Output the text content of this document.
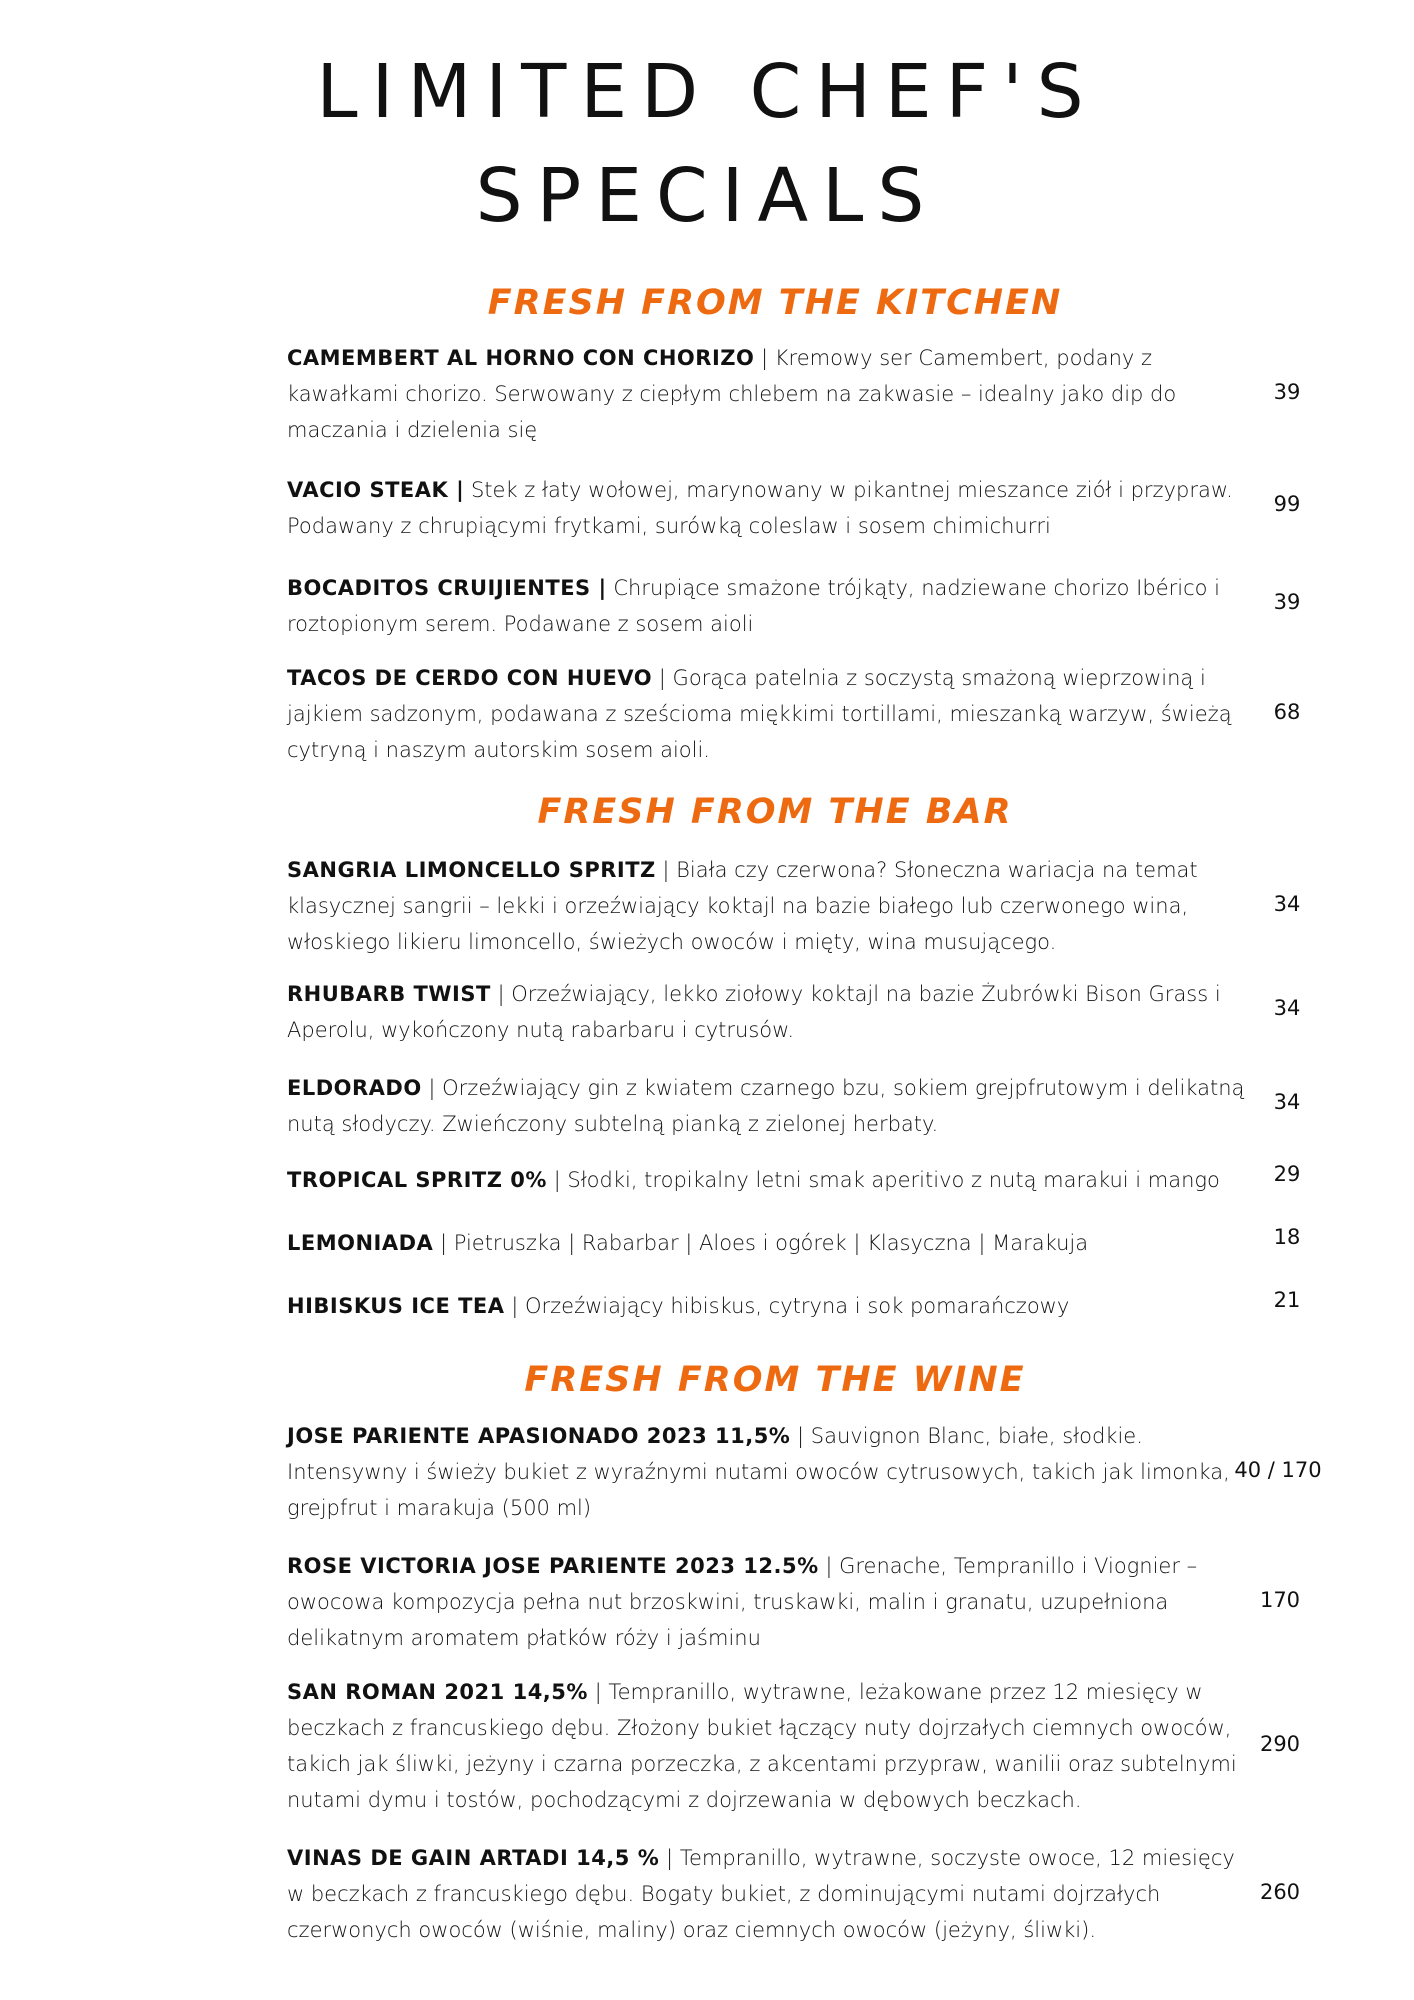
LIMITED CHEF'S
SPECIALS
FRESH FROM THE KITCHEN
FRESH FROM THE BAR
FRESH FROM THE WINE
CAMEMBERT AL HORNO CON CHORIZO | Kremowy ser Camembert, podany z kawałkami chorizo. Serwowany z ciepłym chlebem na zakwasie – idealny jako dip do maczania i dzielenia się
39
VACIO STEAK | Stek z łaty wołowej, marynowany w pikantnej mieszance ziół i przypraw. Podawany z chrupiącymi frytkami, surówką coleslaw i sosem chimichurri
99
BOCADITOS CRUIJIENTES | Chrupiące smażone trójkąty, nadziewane chorizo Ibérico i roztopionym serem. Podawane z sosem aioli
39
TACOS DE CERDO CON HUEVO | Gorąca patelnia z soczystą smażoną wieprzowiną i jajkiem sadzonym, podawana z sześcioma miękkimi tortillami, mieszanką warzyw, świeżą cytryną i naszym autorskim sosem aioli.
68
SANGRIA LIMONCELLO SPRITZ | Biała czy czerwona? Słoneczna wariacja na temat klasycznej sangrii – lekki i orzeźwiający koktajl na bazie białego lub czerwonego wina, włoskiego likieru limoncello, świeżych owoców i mięty, wina musującego.
34
RHUBARB TWIST | Orzeźwiający, lekko ziołowy koktajl na bazie Żubrówki Bison Grass i Aperolu, wykończony nutą rabarbaru i cytrusów.
34
ELDORADO | Orzeźwiający gin z kwiatem czarnego bzu, sokiem grejpfrutowym i delikatną nutą słodyczy. Zwieńczony subtelną pianką z zielonej herbaty.
34
TROPICAL SPRITZ 0% | Słodki, tropikalny letni smak aperitivo z nutą marakui i mango	29
LEMONIADA | Pietruszka | Rabarbar | Aloes i ogórek | Klasyczna | Marakuja	18
HIBISKUS ICE TEA | Orzeźwiający hibiskus, cytryna i sok pomarańczowy	21
JOSE PARIENTE APASIONADO 2023 11,5% | Sauvignon Blanc, białe, słodkie. Intensywny i świeży bukiet z wyraźnymi nutami owoców cytrusowych, takich jak limonka, grejpfrut i marakuja (500 ml)
40 / 170
ROSE VICTORIA JOSE PARIENTE 2023 12.5% | Grenache, Tempranillo i Viognier – owocowa kompozycja pełna nut brzoskwini, truskawki, malin i granatu, uzupełniona delikatnym aromatem płatków róży i jaśminu
170
SAN ROMAN 2021 14,5% | Tempranillo, wytrawne, leżakowane przez 12 miesięcy w beczkach z francuskiego dębu. Złożony bukiet łączący nuty dojrzałych ciemnych owoców, takich jak śliwki, jeżyny i czarna porzeczka, z akcentami przypraw, wanilii oraz subtelnymi nutami dymu i tostów, pochodzącymi z dojrzewania w dębowych beczkach.
290
VINAS DE GAIN ARTADI 14,5 % | Tempranillo, wytrawne, soczyste owoce, 12 miesięcy w beczkach z francuskiego dębu. Bogaty bukiet, z dominującymi nutami dojrzałych czerwonych owoców (wiśnie, maliny) oraz ciemnych owoców (jeżyny, śliwki).
260
